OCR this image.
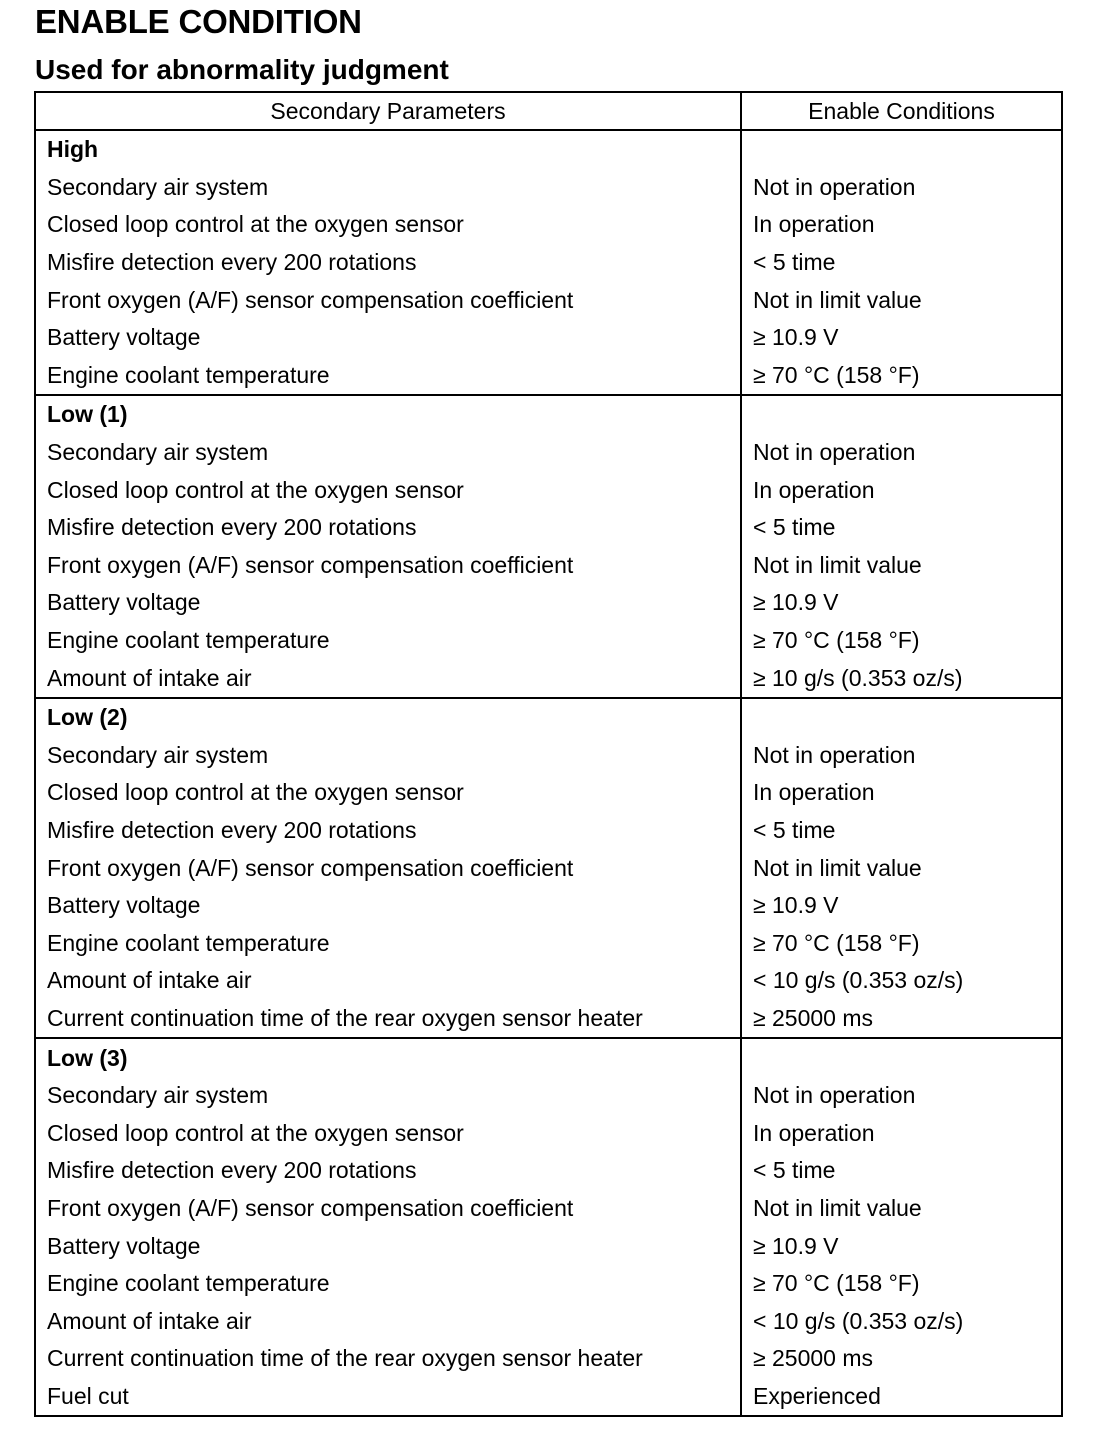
ENABLE CONDITION
Used for abnormality judgment
Secondary Parameters	Enable Conditions
High	
Secondary air system	Not in operation
Closed loop control at the oxygen sensor	In operation
Misfire detection every 200 rotations	< 5 time
Front oxygen (A/F) sensor compensation coefficient	Not in limit value
Battery voltage	≥ 10.9 V
Engine coolant temperature	≥ 70 °C (158 °F)
Low (1)	
Secondary air system	Not in operation
Closed loop control at the oxygen sensor	In operation
Misfire detection every 200 rotations	< 5 time
Front oxygen (A/F) sensor compensation coefficient	Not in limit value
Battery voltage	≥ 10.9 V
Engine coolant temperature	≥ 70 °C (158 °F)
Amount of intake air	≥ 10 g/s (0.353 oz/s)
Low (2)	
Secondary air system	Not in operation
Closed loop control at the oxygen sensor	In operation
Misfire detection every 200 rotations	< 5 time
Front oxygen (A/F) sensor compensation coefficient	Not in limit value
Battery voltage	≥ 10.9 V
Engine coolant temperature	≥ 70 °C (158 °F)
Amount of intake air	< 10 g/s (0.353 oz/s)
Current continuation time of the rear oxygen sensor heater	≥ 25000 ms
Low (3)	
Secondary air system	Not in operation
Closed loop control at the oxygen sensor	In operation
Misfire detection every 200 rotations	< 5 time
Front oxygen (A/F) sensor compensation coefficient	Not in limit value
Battery voltage	≥ 10.9 V
Engine coolant temperature	≥ 70 °C (158 °F)
Amount of intake air	< 10 g/s (0.353 oz/s)
Current continuation time of the rear oxygen sensor heater	≥ 25000 ms
Fuel cut	Experienced
